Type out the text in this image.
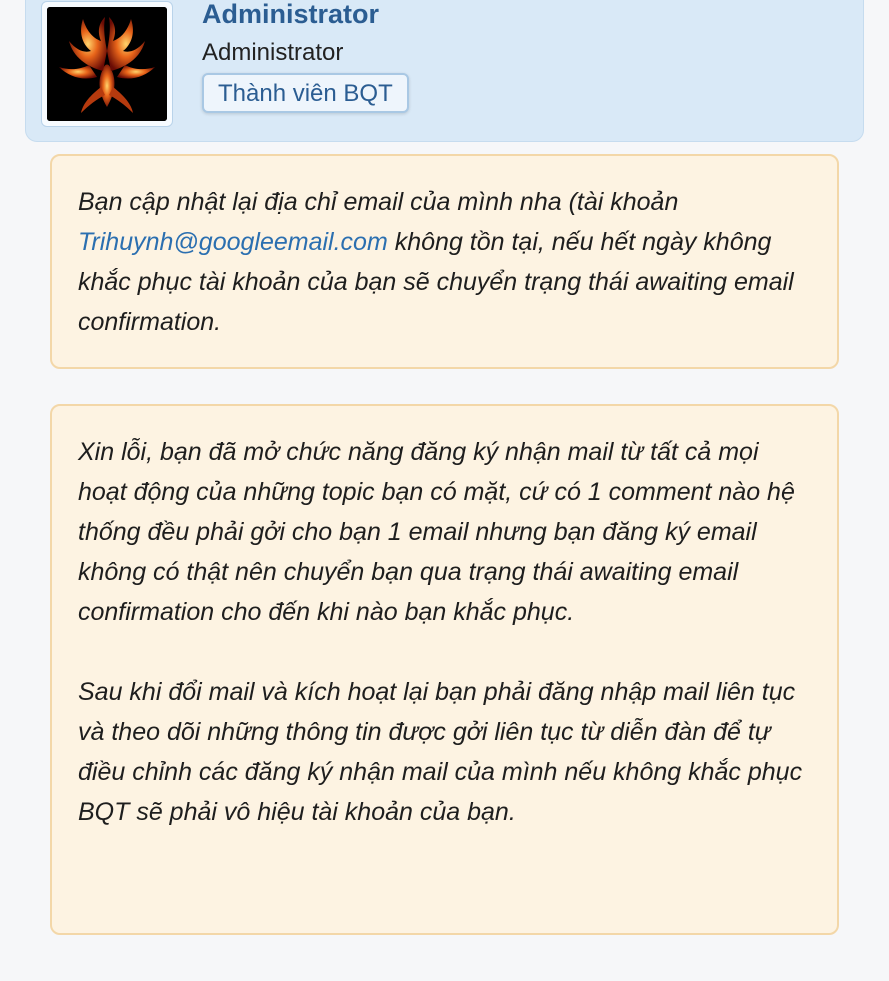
Administrator
Administrator
Thành viên BQT
Bạn cập nhật lại địa chỉ email của mình nha (tài khoản Trihuynh@googleemail.com không tồn tại, nếu hết ngày không khắc phục tài khoản của bạn sẽ chuyển trạng thái awaiting email confirmation.
Xin lỗi, bạn đã mở chức năng đăng ký nhận mail từ tất cả mọi hoạt động của những topic bạn có mặt, cứ có 1 comment nào hệ thống đều phải gởi cho bạn 1 email nhưng bạn đăng ký email không có thật nên chuyển bạn qua trạng thái awaiting email confirmation cho đến khi nào bạn khắc phục.
Sau khi đổi mail và kích hoạt lại bạn phải đăng nhập mail liên tục và theo dõi những thông tin được gởi liên tục từ diễn đàn để tự điều chỉnh các đăng ký nhận mail của mình nếu không khắc phục BQT sẽ phải vô hiệu tài khoản của bạn.
